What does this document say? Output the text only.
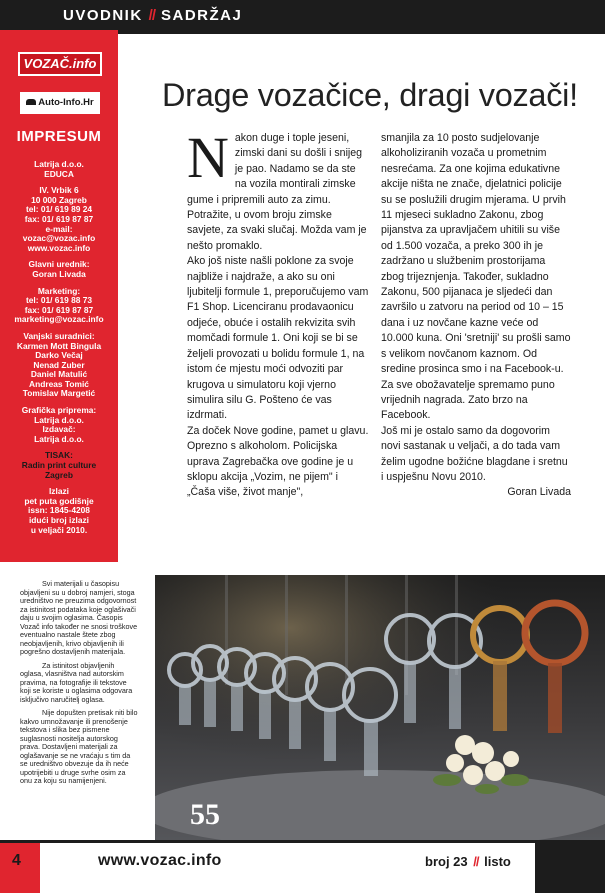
UVODNIK // SADRŽAJ
VOZAČ.info
Auto-Info.Hr
IMPRESUM
Latrija d.o.o.
EDUCA
IV. Vrbik 6
10 000 Zagreb
tel: 01/ 619 89 24
fax: 01/ 619 87 87
e-mail:
vozac@vozac.info
www.vozac.info
Glavni urednik:
Goran Livada
Marketing:
tel: 01/ 619 88 73
fax: 01/ 619 87 87
marketing@vozac.info
Vanjski suradnici:
Karmen Mott Bingula
Darko Večaj
Nenad Zuber
Daniel Matulić
Andreas Tomić
Tomislav Margetić
Grafička priprema:
Latrija d.o.o.
Izdavač:
Latrija d.o.o.
TISAK:
Radin print culture
Zagreb
Izlazi
pet puta godišnje
issn: 1845-4208
idući broj izlazi
u veljači 2010.

Svi materijali u časopisu objavljeni su u dobroj namjeri, stoga uredništvo ne preuzima odgovornost za istinitost podataka koje oglašivači daju u svojim oglasima. Časopis Vozač info također ne snosi troškove eventualno nastale štete zbog neobjavljenih, krivo objavljenih ili pogrešno dostavljenih materijala.

Za istinitost objavljenih oglasa, vlasništva nad autorskim pravima, na fotografije ili tekstove koji se koriste u oglasima odgovara isključivo naručitelj oglasa.

Nije dopušten pretisak niti bilo kakvo umnožavanje ili prenošenje tekstova i slika bez pismene suglasnosti nositelja autorskog prava. Dostavljeni materijali za oglašavanje se ne vraćaju s tim da se uredništvo obvezuje da ih neće upotrijebiti u druge svrhe osim za onu za koju su namijenjeni.

Drage vozačice, dragi vozači!
N akon duge i tople jeseni, zimski dani su došli i snijeg je pao. Nadamo se da ste na vozila montirali zimske gume i pripremili auto za zimu. Potražite, u ovom broju zimske savjete, za svaki slučaj. Možda vam je nešto promaklo.

Ako još niste našli poklone za svoje najbliže i najdraže, a ako su oni ljubitelji formule 1, preporučujemo vam F1 Shop. Licenciranu prodavaonicu odjeće, obuće i ostalih rekvizita svih momčadi formule 1. Oni koji se bi se željeli provozati u bolidu formule 1, na istom će mjestu moći odvoziti par krugova u simulatoru koji vjerno simulira silu G. Pošteno će vas izdrmati.

Za doček Nove godine, pamet u glavu. Oprezno s alkoholom. Policijska uprava Zagrebačka ove godine je u sklopu akcija „Vozim, ne pijem" i „Čaša više, život manje",

smanjila za 10 posto sudjelovanje alkoholiziranih vozača u prometnim nesrećama. Za one kojima edukativne akcije ništa ne znače, djelatnici policije su se poslužili drugim mjerama. U prvih 11 mjeseci sukladno Zakonu, zbog pijanstva za upravljačem uhitili su više od 1.500 vozača, a preko 300 ih je zadržano u službenim prostorijama zbog trijeznjenja. Također, sukladno Zakonu, 500 pijanaca je sljedeći dan završilo u zatvoru na period od 10 – 15 dana i uz novčane kazne veće od 10.000 kuna. Oni 'sretniji' su prošli samo s velikom novčanom kaznom. Od sredine prosinca smo i na Facebook-u. Za sve obožavatelje spremamo puno vrijednih nagrada. Zato brzo na Facebook.

Još mi je ostalo samo da dogovorim novi sastanak u veljači, a do tada vam želim ugodne božićne blagdane i sretnu i uspješnu Novu 2010.

Goran Livada

55
4	www.vozac.info	broj 23 // listo
